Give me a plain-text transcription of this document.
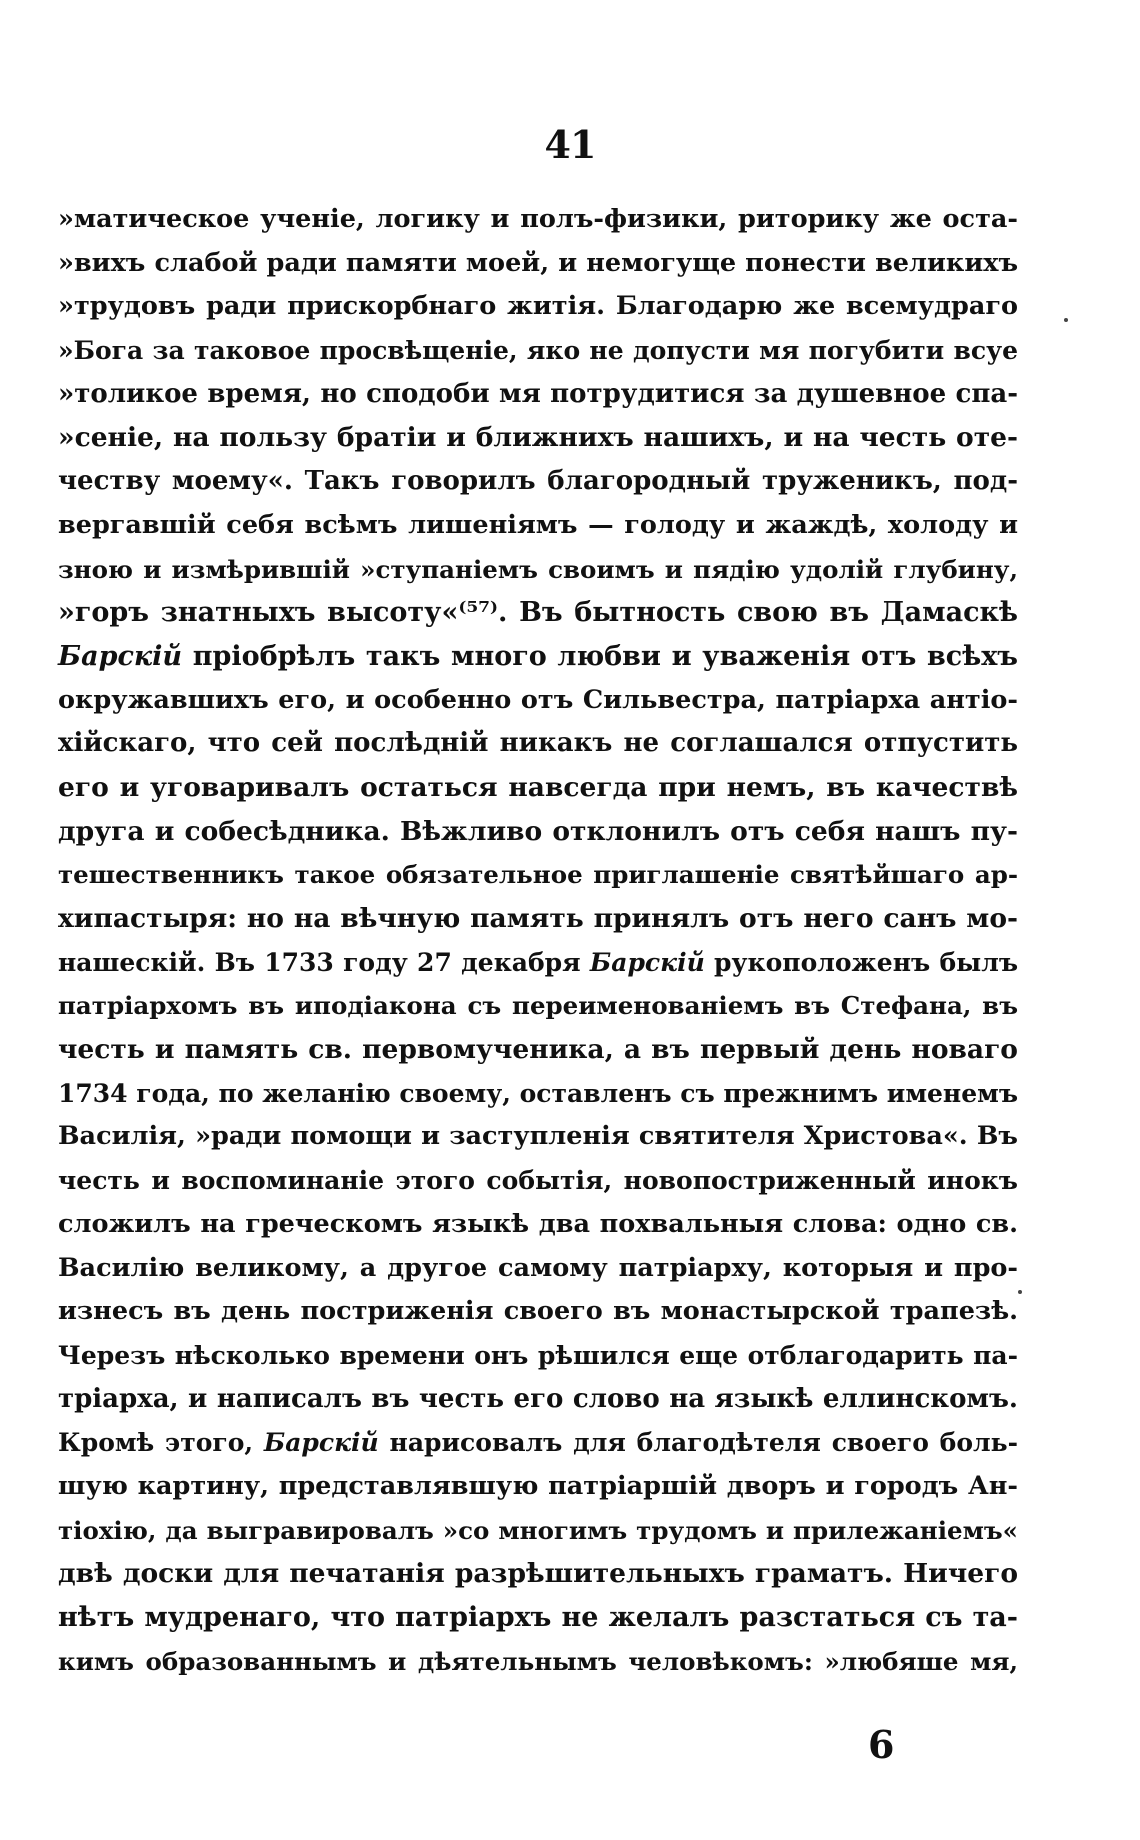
41
»матическое ученіе, логику и полъ-физики, риторику же оста-
»вихъ слабой ради памяти моей, и немогуще понести великихъ
»трудовъ ради прискорбнаго житія. Благодарю же всемудраго
»Бога за таковое просвѣщеніе, яко не допусти мя погубити всуе
»толикое время, но сподоби мя потрудитися за душевное спа-
»сеніе, на пользу братіи и ближнихъ нашихъ, и на честь оте-
честву моему«. Такъ говорилъ благородный труженикъ, под-
вергавшій себя всѣмъ лишеніямъ — голоду и жаждѣ, холоду и
зною и измѣрившій »ступаніемъ своимъ и пядію удолій глубину,
»горъ знатныхъ высоту«⁽⁵⁷⁾. Въ бытность свою въ Дамаскѣ
Барскій пріобрѣлъ такъ много любви и уваженія отъ всѣхъ
окружавшихъ его, и особенно отъ Сильвестра, патріарха антіо-
хійскаго, что сей послѣдній никакъ не соглашался отпустить
его и уговаривалъ остаться навсегда при немъ, въ качествѣ
друга и собесѣдника. Вѣжливо отклонилъ отъ себя нашъ пу-
тешественникъ такое обязательное приглашеніе святѣйшаго ар-
хипастыря: но на вѣчную память принялъ отъ него санъ мо-
нашескій. Въ 1733 году 27 декабря Барскій рукоположенъ былъ
патріархомъ въ иподіакона съ переименованіемъ въ Стефана, въ
честь и память св. первомученика, а въ первый день новаго
1734 года, по желанію своему, оставленъ съ прежнимъ именемъ
Василія, »ради помощи и заступленія святителя Христова«. Въ
честь и воспоминаніе этого событія, новопостриженный инокъ
сложилъ на греческомъ языкѣ два похвальныя слова: одно св.
Василію великому, а другое самому патріарху, которыя и про-
изнесъ въ день постриженія своего въ монастырской трапезѣ.
Черезъ нѣсколько времени онъ рѣшился еще отблагодарить па-
тріарха, и написалъ въ честь его слово на языкѣ еллинскомъ.
Кромѣ этого, Барскій нарисовалъ для благодѣтеля своего боль-
шую картину, представлявшую патріаршій дворъ и городъ Ан-
тіохію, да выгравировалъ »со многимъ трудомъ и прилежаніемъ«
двѣ доски для печатанія разрѣшительныхъ граматъ. Ничего
нѣтъ мудренаго, что патріархъ не желалъ разстаться съ та-
кимъ образованнымъ и дѣятельнымъ человѣкомъ: »любяше мя,
6
